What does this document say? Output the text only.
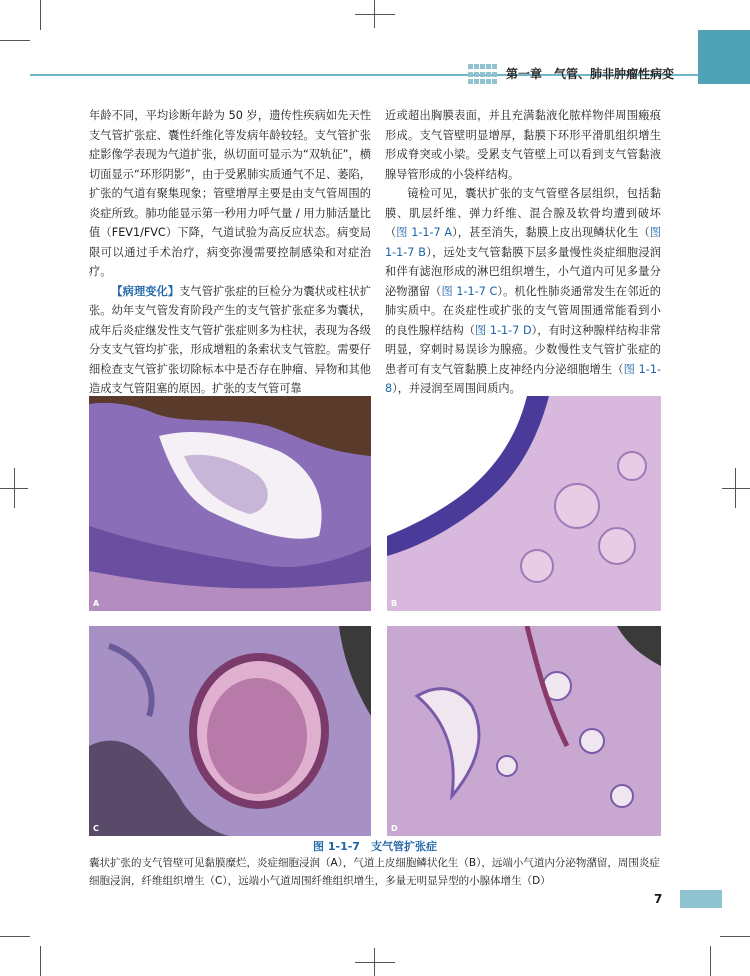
第一章　气管、肺非肿瘤性病变

年龄不同，平均诊断年龄为 50 岁，遗传性疾病如先天性支气管扩张症、囊性纤维化等发病年龄较轻。支气管扩张症影像学表现为气道扩张，纵切面可显示为“双轨征”，横切面显示“环形阴影”，由于受累肺实质通气不足、萎陷，扩张的气道有聚集现象；管壁增厚主要是由支气管周围的炎症所致。肺功能显示第一秒用力呼气量 / 用力肺活量比值（FEV1/FVC）下降，气道试验为高反应状态。病变局限可以通过手术治疗，病变弥漫需要控制感染和对症治疗。

【病理变化】支气管扩张症的巨检分为囊状或柱状扩张。幼年支气管发育阶段产生的支气管扩张症多为囊状，成年后炎症继发性支气管扩张症则多为柱状，表现为各级分支支气管均扩张，形成增粗的条索状支气管腔。需要仔细检查支气管扩张切除标本中是否存在肿瘤、异物和其他造成支气管阻塞的原因。扩张的支气管可靠

近或超出胸膜表面，并且充满黏液化脓样物伴周围瘢痕形成。支气管壁明显增厚，黏膜下环形平滑肌组织增生形成脊突或小梁。受累支气管壁上可以看到支气管黏液腺导管形成的小袋样结构。

镜检可见，囊状扩张的支气管壁各层组织，包括黏膜、肌层纤维、弹力纤维、混合腺及软骨均遭到破坏（图 1-1-7 A），甚至消失，黏膜上皮出现鳞状化生（图 1-1-7 B），远处支气管黏膜下层多量慢性炎症细胞浸润和伴有滤泡形成的淋巴组织增生，小气道内可见多量分泌物潴留（图 1-1-7 C）。机化性肺炎通常发生在邻近的肺实质中。在炎症性或扩张的支气管周围通常能看到小的良性腺样结构（图 1-1-7 D），有时这种腺样结构非常明显，穿刺时易误诊为腺癌。少数慢性支气管扩张症的患者可有支气管黏膜上皮神经内分泌细胞增生（图 1-1-8），并浸润至周围间质内。

A	B
C	D
图 1-1-7　支气管扩张症
囊状扩张的支气管壁可见黏膜糜烂，炎症细胞浸润（A），气道上皮细胞鳞状化生（B），远端小气道内分泌物潴留，周围炎症细胞浸润，纤维组织增生（C），远端小气道周围纤维组织增生，多量无明显异型的小腺体增生（D）
7
